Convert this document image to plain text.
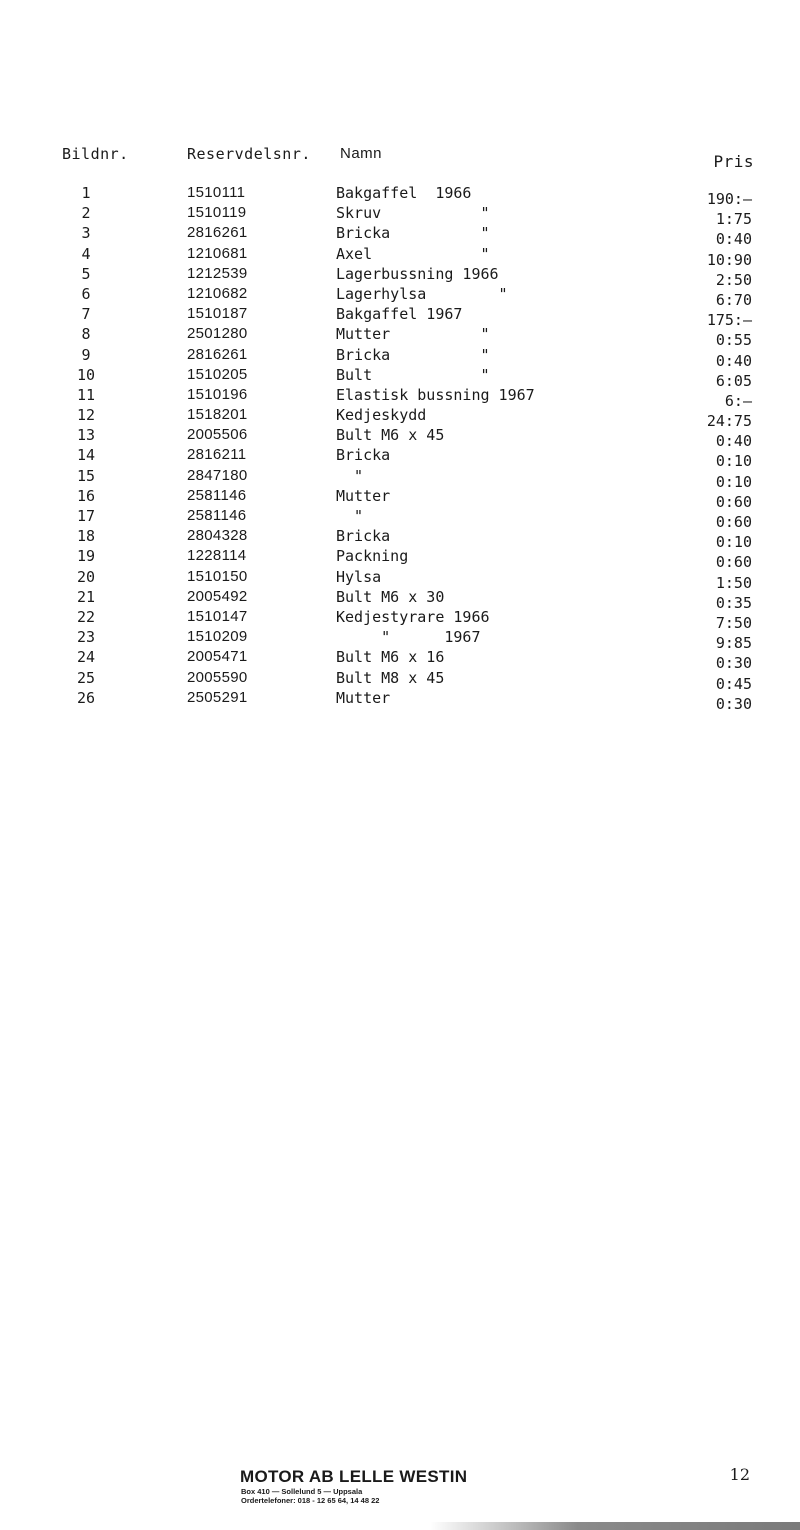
Bildnr.	Reservdelsnr. Namn	Pris
1	1510111	Bakgaffel  1966	190:—
2	1510119	Skruv           "	1:75
3	2816261	Bricka          "	0:40
4	1210681	Axel            "	10:90
5	1212539	Lagerbussning 1966	2:50
6	1210682	Lagerhylsa        "	6:70
7	1510187	Bakgaffel 1967	175:—
8	2501280	Mutter          "	0:55
9	2816261	Bricka          "	0:40
10	1510205	Bult            "	6:05
11	1510196	Elastisk bussning 1967	6:—
12	1518201	Kedjeskydd	24:75
13	2005506	Bult M6 x 45	0:40
14	2816211	Bricka	0:10
15	2847180	"	0:10
16	2581146	Mutter	0:60
17	2581146	"	0:60
18	2804328	Bricka	0:10
19	1228114	Packning	0:60
20	1510150	Hylsa	1:50
21	2005492	Bult M6 x 30	0:35
22	1510147	Kedjestyrare 1966	7:50
23	1510209	"      1967	9:85
24	2005471	Bult M6 x 16	0:30
25	2005590	Bult M8 x 45	0:45
26	2505291	Mutter	0:30
MOTOR AB LELLE WESTIN
Box 410 — Sollelund 5 — Uppsala
Ordertelefoner: 018 - 12 65 64, 14 48 22
12
